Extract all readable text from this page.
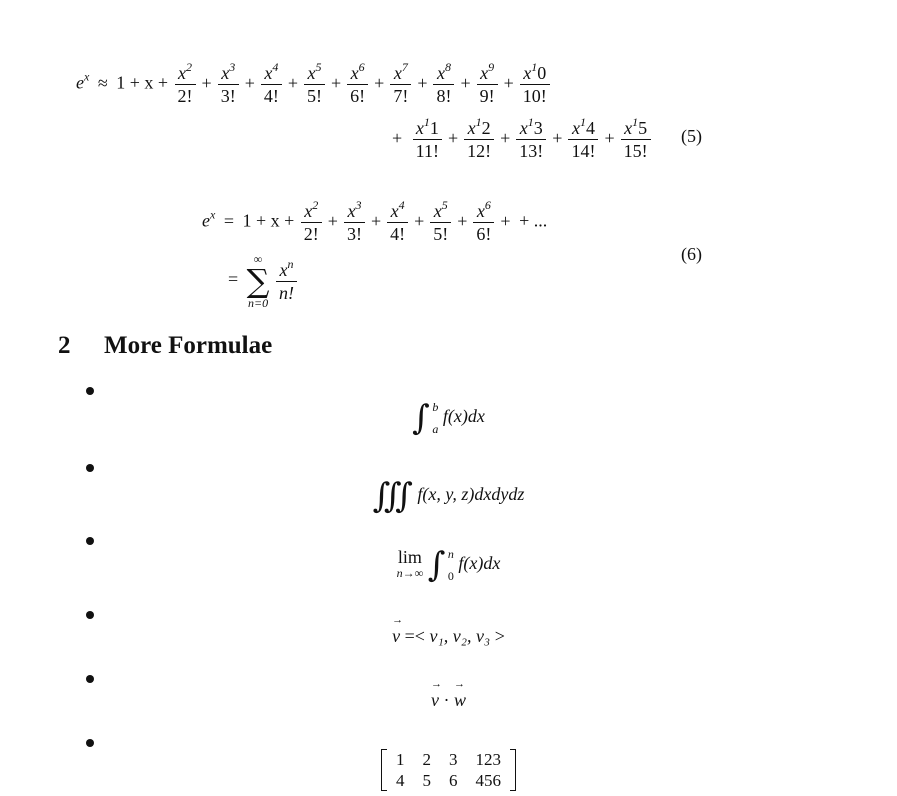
$e^x \approx 1 + x + \frac{x^2}{2!} + \frac{x^3}{3!} + \frac{x^4}{4!} + \frac{x^5}{5!} + \frac{x^6}{6!} + \frac{x^7}{7!} + \frac{x^8}{8!} + \frac{x^9}{9!} + \frac{x^10}{10!}$
+ $\frac{x^11}{11!} + \frac{x^12}{12!} + \frac{x^13}{13!} + \frac{x^14}{14!} + \frac{x^15}{15!} (5)$
$e^x = 1 + x + \frac{x^2}{2!} + \frac{x^3}{3!} + \frac{x^4}{4!} + \frac{x^5}{5!} + \frac{x^6}{6!}$ + + ...
=
∞
∑
n=0
$\frac{x^n}{n!}$
(6)
2 More Formulae
∫ b
a
f(x)dx
∭ f(x, y, z)dxdydz
lim
n→∞ ∫ n
0
f(x)dx
→ v =< v₁, v₂, v₃ >
→ v · → w
1	2	3	123
4	5	6	456
